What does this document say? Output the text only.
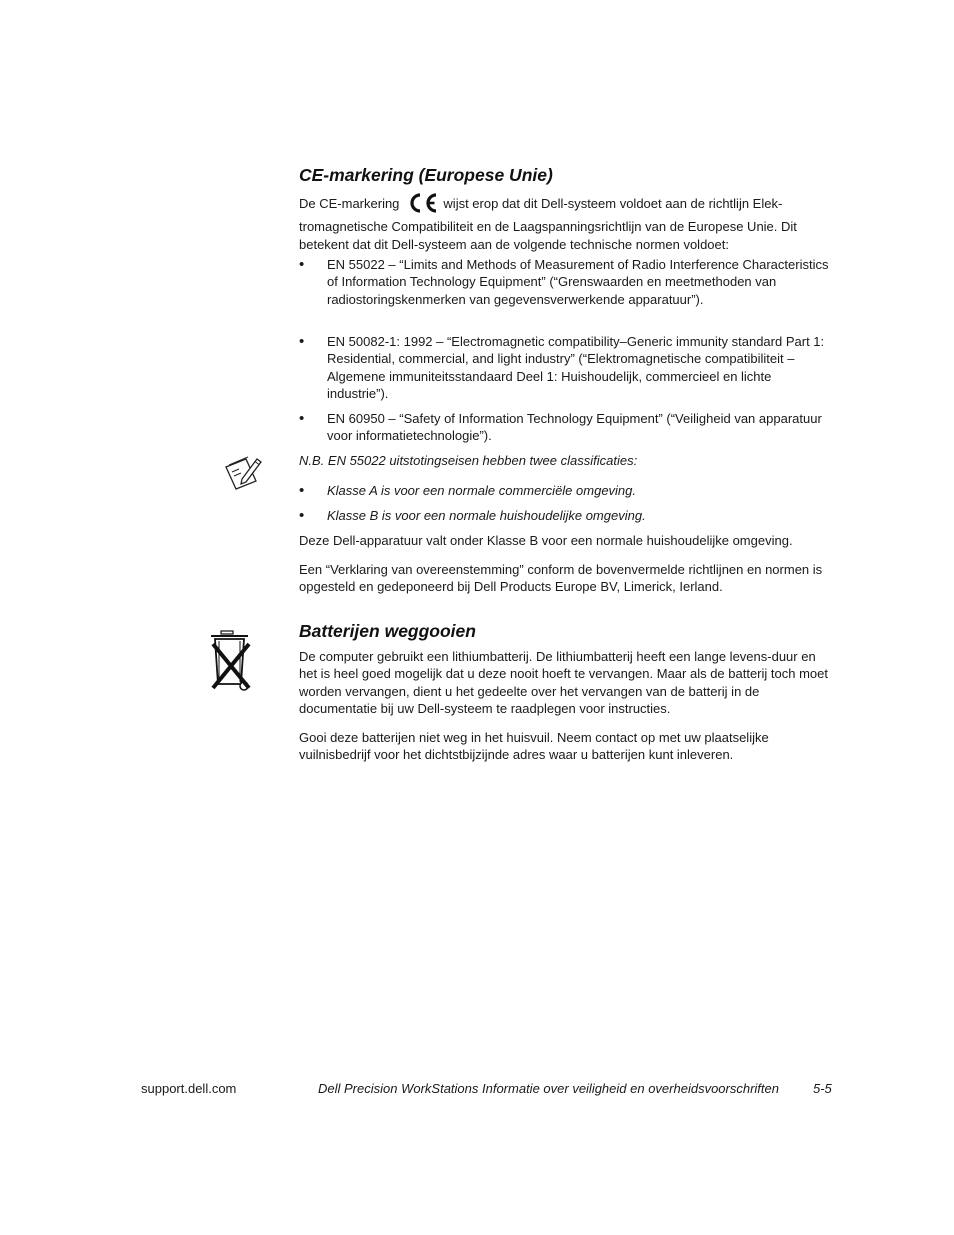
CE-markering (Europese Unie)

De CE-markering	wijst erop dat dit Dell-systeem voldoet aan de richtlijn Elek- tromagnetische Compatibiliteit en de Laagspanningsrichtlijn van de Europese Unie. Dit betekent dat dit Dell-systeem aan de volgende technische normen voldoet:

• EN 55022 – “Limits and Methods of Measurement of Radio Interference Characteristics of Information Technology Equipment” (“Grenswaarden en meetmethoden van radiostoringskenmerken van gegevensverwerkende apparatuur”).
• EN 50082-1: 1992 – “Electromagnetic compatibility–Generic immunity standard Part 1: Residential, commercial, and light industry” (“Elektromagnetische compatibiliteit – Algemene immuniteitsstandaard Deel 1: Huishoudelijk, commercieel en lichte industrie”).
• EN 60950 – “Safety of Information Technology Equipment” (“Veiligheid van apparatuur voor informatietechnologie”).

N.B. EN 55022 uitstotingseisen hebben twee classificaties:

• Klasse A is voor een normale commerciële omgeving.
• Klasse B is voor een normale huishoudelijke omgeving.

Deze Dell-apparatuur valt onder Klasse B voor een normale huishoudelijke omgeving.

Een “Verklaring van overeenstemming” conform de bovenvermelde richtlijnen en normen is opgesteld en gedeponeerd bij Dell Products Europe BV, Limerick, Ierland.

Batterijen weggooien

De computer gebruikt een lithiumbatterij. De lithiumbatterij heeft een lange levens-duur en het is heel goed mogelijk dat u deze nooit hoeft te vervangen. Maar als de batterij toch moet worden vervangen, dient u het gedeelte over het vervangen van de batterij in de documentatie bij uw Dell-systeem te raadplegen voor instructies.

Gooi deze batterijen niet weg in het huisvuil. Neem contact op met uw plaatselijke vuilnisbedrijf voor het dichtstbijzijnde adres waar u batterijen kunt inleveren.

support.dell.com	Dell Precision WorkStations Informatie over veiligheid en overheidsvoorschriften	5-5
